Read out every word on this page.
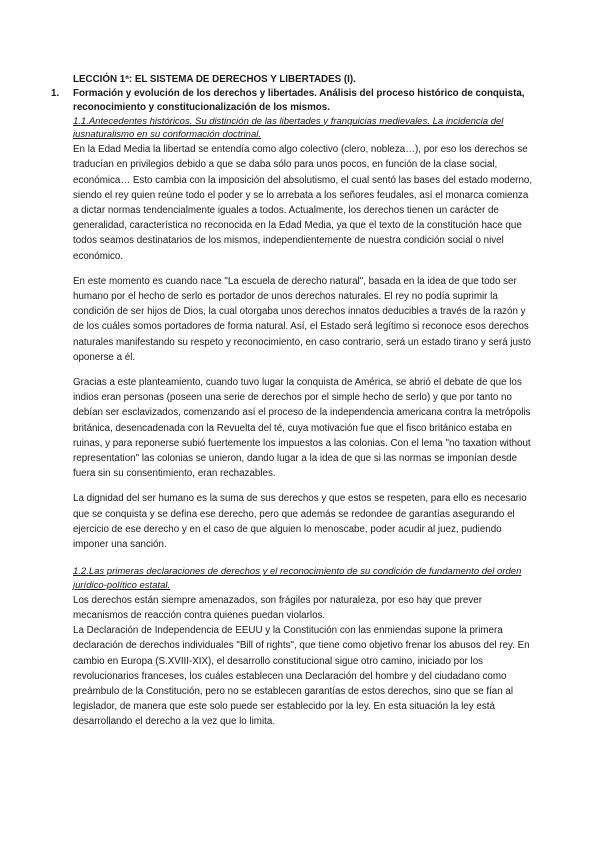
LECCIÓN 1ª: EL SISTEMA DE DERECHOS Y LIBERTADES (I).

1. Formación y evolución de los derechos y libertades. Análisis del proceso histórico de conquista, reconocimiento y constitucionalización de los mismos.

1.1.Antecedentes históricos. Su distinción de las libertades y franquicias medievales. La incidencia del iusnaturalismo en su conformación doctrinal.

En la Edad Media la libertad se entendía como algo colectivo (clero, nobleza…), por eso los derechos se traducían en privilegios debido a que se daba sólo para unos pocos, en función de la clase social, económica… Esto cambia con la imposición del absolutismo, el cual sentó las bases del estado moderno, siendo el rey quien reúne todo el poder y se lo arrebata a los señores feudales, así el monarca comienza a dictar normas tendencialmente iguales a todos. Actualmente, los derechos tienen un carácter de generalidad, característica no reconocida en la Edad Media, ya que el texto de la constitución hace que todos seamos destinatarios de los mismos, independientemente de nuestra condición social o nivel económico.

En este momento es cuando nace "La escuela de derecho natural", basada en la idea de que todo ser humano por el hecho de serlo es portador de unos derechos naturales. El rey no podía suprimir la condición de ser hijos de Dios, la cual otorgaba unos derechos innatos deducibles a través de la razón y de los cuáles somos portadores de forma natural. Así, el Estado será legítimo si reconoce esos derechos naturales manifestando su respeto y reconocimiento, en caso contrario, será un estado tirano y será justo oponerse a él.

Gracias a este planteamiento, cuando tuvo lugar la conquista de América, se abrió el debate de que los indios eran personas (poseen una serie de derechos por el simple hecho de serlo) y que por tanto no debían ser esclavizados, comenzando así el proceso de la independencia americana contra la metrópolis británica, desencadenada con la Revuelta del té, cuya motivación fue que el fisco británico estaba en ruinas, y para reponerse subió fuertemente los impuestos a las colonias. Con el lema "no taxation without representation" las colonias se unieron, dando lugar a la idea de que si las normas se imponían desde fuera sin su consentimiento, eran rechazables.

La dignidad del ser humano es la suma de sus derechos y que estos se respeten, para ello es necesario que se conquista y se defina ese derecho, pero que además se redondee de garantías asegurando el ejercicio de ese derecho y en el caso de que alguien lo menoscabe, poder acudir al juez, pudiendo imponer una sanción.

1.2.Las primeras declaraciones de derechos y el reconocimiento de su condición de fundamento del orden jurídico-político estatal.

Los derechos están siempre amenazados, son frágiles por naturaleza, por eso hay que prever mecanismos de reacción contra quienes puedan violarlos.

La Declaración de Independencia de EEUU y la Constitución con las enmiendas supone la primera declaración de derechos individuales "Bill of rights", que tiene como objetivo frenar los abusos del rey. En cambio en Europa (S.XVIII-XIX), el desarrollo constitucional sigue otro camino, iniciado por los revolucionarios franceses, los cuáles establecen una Declaración del hombre y del ciudadano como preámbulo de la Constitución, pero no se establecen garantías de estos derechos, sino que se fían al legislador, de manera que este solo puede ser establecido por la ley. En esta situación la ley está desarrollando el derecho a la vez que lo limita.
